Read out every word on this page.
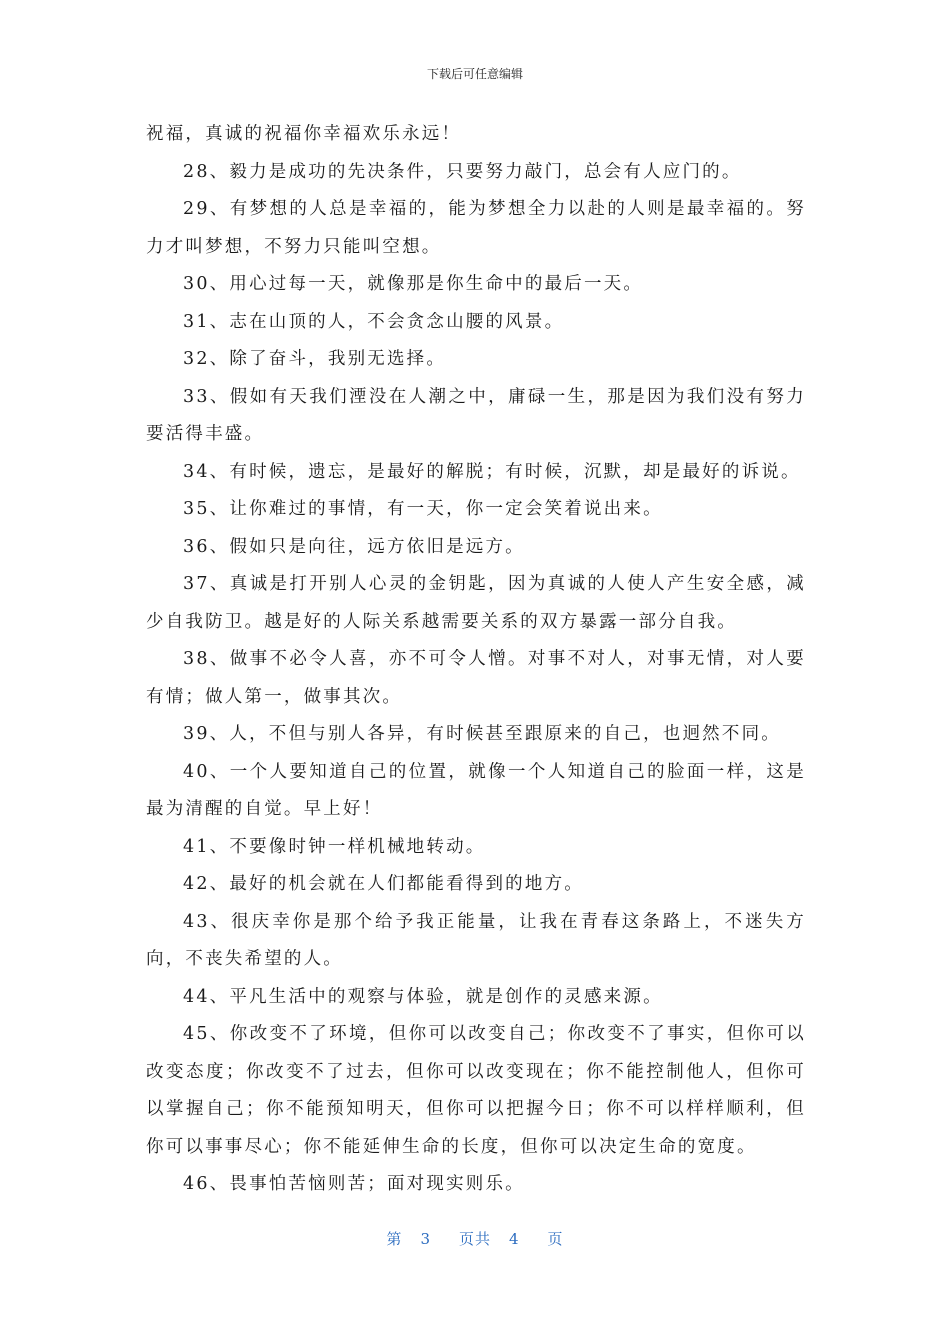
下载后可任意编辑

祝福，真诚的祝福你幸福欢乐永远！

28、毅力是成功的先决条件，只要努力敲门，总会有人应门的。

29、有梦想的人总是幸福的，能为梦想全力以赴的人则是最幸福的。努力才叫梦想，不努力只能叫空想。

30、用心过每一天，就像那是你生命中的最后一天。

31、志在山顶的人，不会贪念山腰的风景。

32、除了奋斗，我别无选择。

33、假如有天我们湮没在人潮之中，庸碌一生，那是因为我们没有努力要活得丰盛。

34、有时候，遗忘，是最好的解脱；有时候，沉默，却是最好的诉说。

35、让你难过的事情，有一天，你一定会笑着说出来。

36、假如只是向往，远方依旧是远方。

37、真诚是打开别人心灵的金钥匙，因为真诚的人使人产生安全感，减少自我防卫。越是好的人际关系越需要关系的双方暴露一部分自我。

38、做事不必令人喜，亦不可令人憎。对事不对人，对事无情，对人要有情；做人第一，做事其次。

39、人，不但与别人各异，有时候甚至跟原来的自己，也迥然不同。

40、一个人要知道自己的位置，就像一个人知道自己的脸面一样，这是最为清醒的自觉。早上好！

41、不要像时钟一样机械地转动。

42、最好的机会就在人们都能看得到的地方。

43、很庆幸你是那个给予我正能量，让我在青春这条路上，不迷失方向，不丧失希望的人。

44、平凡生活中的观察与体验，就是创作的灵感来源。

45、你改变不了环境，但你可以改变自己；你改变不了事实，但你可以改变态度；你改变不了过去，但你可以改变现在；你不能控制他人，但你可以掌握自己；你不能预知明天，但你可以把握今日；你不可以样样顺利，但你可以事事尽心；你不能延伸生命的长度，但你可以决定生命的宽度。

46、畏事怕苦恼则苦；面对现实则乐。

第 3 页共 4 页
